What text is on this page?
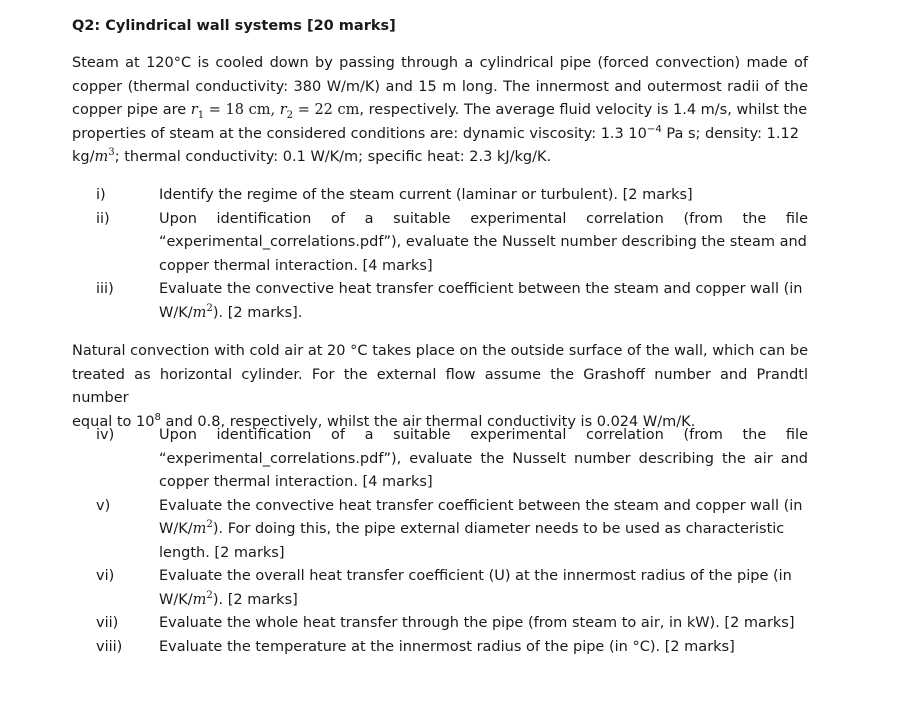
Q2: Cylindrical wall systems [20 marks]
Steam at 120°C is cooled down by passing through a cylindrical pipe (forced convection) made of
copper (thermal conductivity: 380 W/m/K) and 15 m long. The innermost and outermost radii of the
copper pipe are $r_1 = 18$ cm, $r_2 = 22$ cm, respectively. The average fluid velocity is 1.4 m/s, whilst the
properties of steam at the considered conditions are: dynamic viscosity: 1.3 $10^{-4}$ Pa s; density: 1.12
$kg/m^3$; thermal conductivity: 0.1 W/K/m; specific heat: 2.3 kJ/kg/K.
i)	Identify the regime of the steam current (laminar or turbulent). [2 marks]
ii)	Upon identification of a suitable experimental correlation (from the file
“experimental_correlations.pdf”), evaluate the Nusselt number describing the steam and
copper thermal interaction. [4 marks]
iii)	Evaluate the convective heat transfer coefficient between the steam and copper wall (in
$W/K/m^2$). [2 marks].
Natural convection with cold air at 20 °C takes place on the outside surface of the wall, which can be
treated as horizontal cylinder. For the external flow assume the Grashoff number and Prandtl number
equal to $10^8$ and 0.8, respectively, whilst the air thermal conductivity is 0.024 W/m/K.
iv)	Upon identification of a suitable experimental correlation (from the file
“experimental_correlations.pdf”), evaluate the Nusselt number describing the air and
copper thermal interaction. [4 marks]
v)	Evaluate the convective heat transfer coefficient between the steam and copper wall (in
$W/K/m^2$). For doing this, the pipe external diameter needs to be used as characteristic
length. [2 marks]
vi)	Evaluate the overall heat transfer coefficient (U) at the innermost radius of the pipe (in
$W/K/m^2$). [2 marks]
vii)	Evaluate the whole heat transfer through the pipe (from steam to air, in kW). [2 marks]
viii)	Evaluate the temperature at the innermost radius of the pipe (in °C). [2 marks]
